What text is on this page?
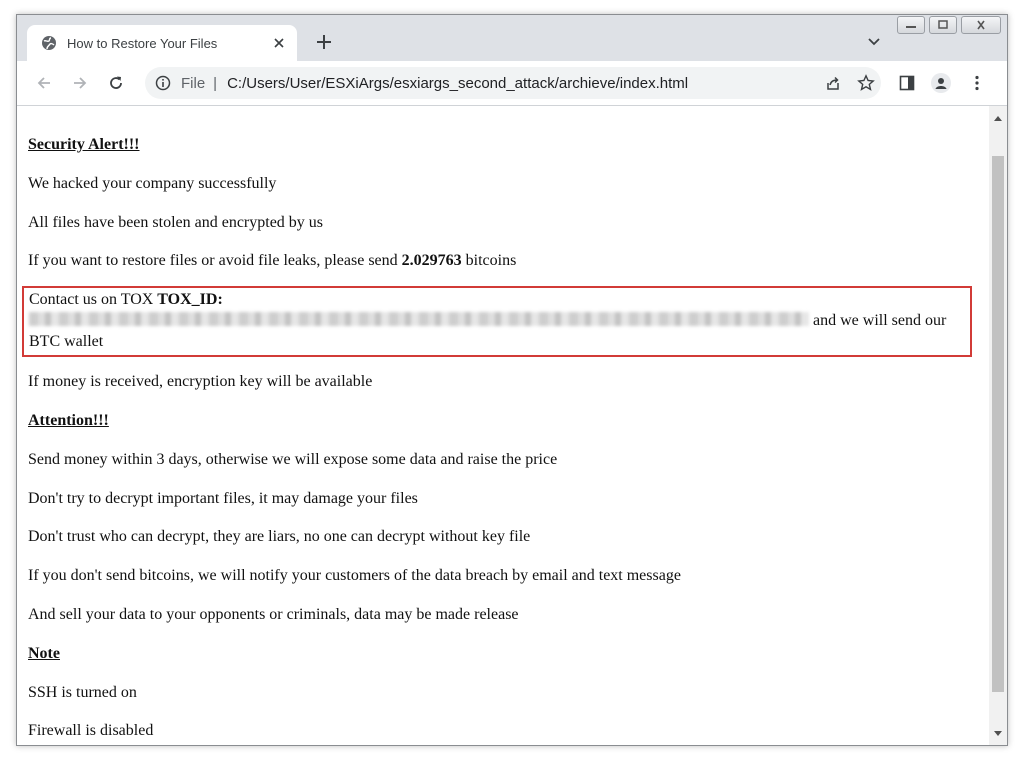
How to Restore Your Files
File | C:/Users/User/ESXiArgs/esxiargs_second_attack/archieve/index.html

Security Alert!!!

We hacked your company successfully

All files have been stolen and encrypted by us

If you want to restore files or avoid file leaks, please send 2.029763 bitcoins

Contact us on TOX TOX_ID:
and we will send our BTC wallet

If money is received, encryption key will be available

Attention!!!

Send money within 3 days, otherwise we will expose some data and raise the price

Don't try to decrypt important files, it may damage your files

Don't trust who can decrypt, they are liars, no one can decrypt without key file

If you don't send bitcoins, we will notify your customers of the data breach by email and text message

And sell your data to your opponents or criminals, data may be made release

Note

SSH is turned on

Firewall is disabled
